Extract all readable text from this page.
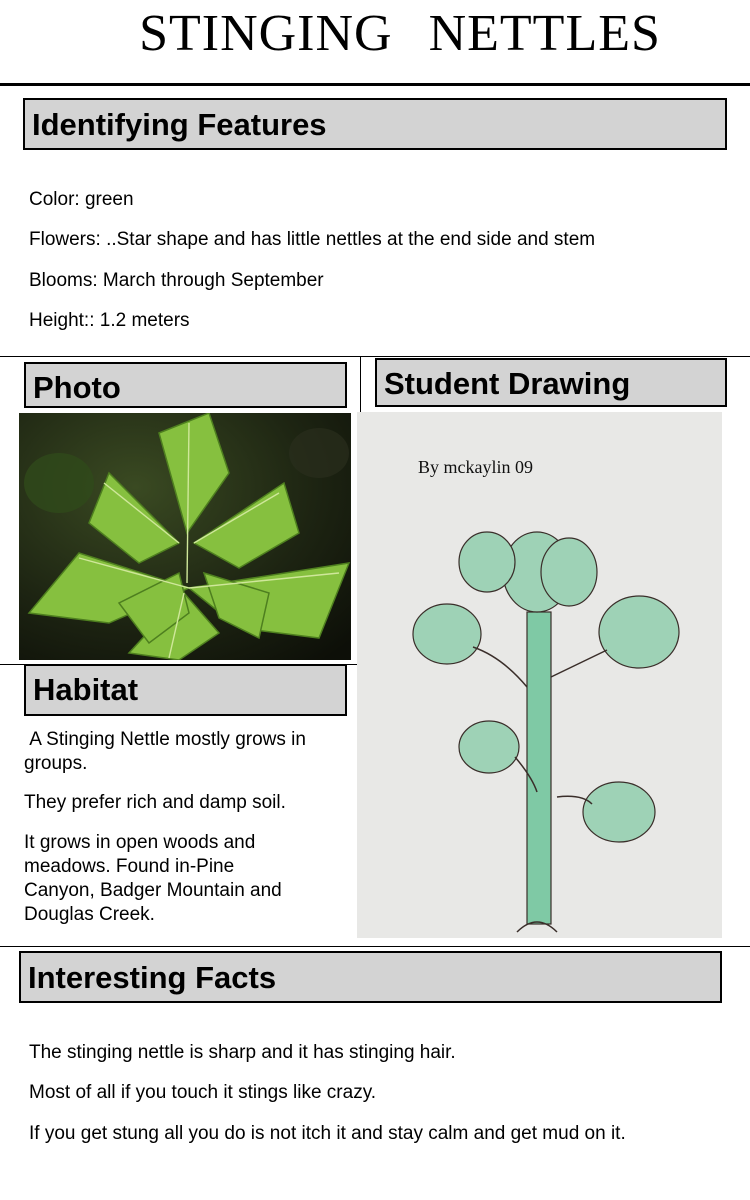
STINGING NETTLES
Identifying Features
Color: green
Flowers: ..Star shape and has little nettles at the end side and stem
Blooms: March through September
Height:: 1.2 meters
Photo	Student Drawing
By mckaylin 09
Habitat

A Stinging Nettle mostly grows in

groups.

They prefer rich and damp soil.

It grows in open woods and

meadows. Found in-Pine

Canyon, Badger Mountain and

Douglas Creek.

Interesting Facts
The stinging nettle is sharp and it has stinging hair.
Most of all if you touch it stings like crazy.
If you get stung all you do is not itch it and stay calm and get mud on it.
